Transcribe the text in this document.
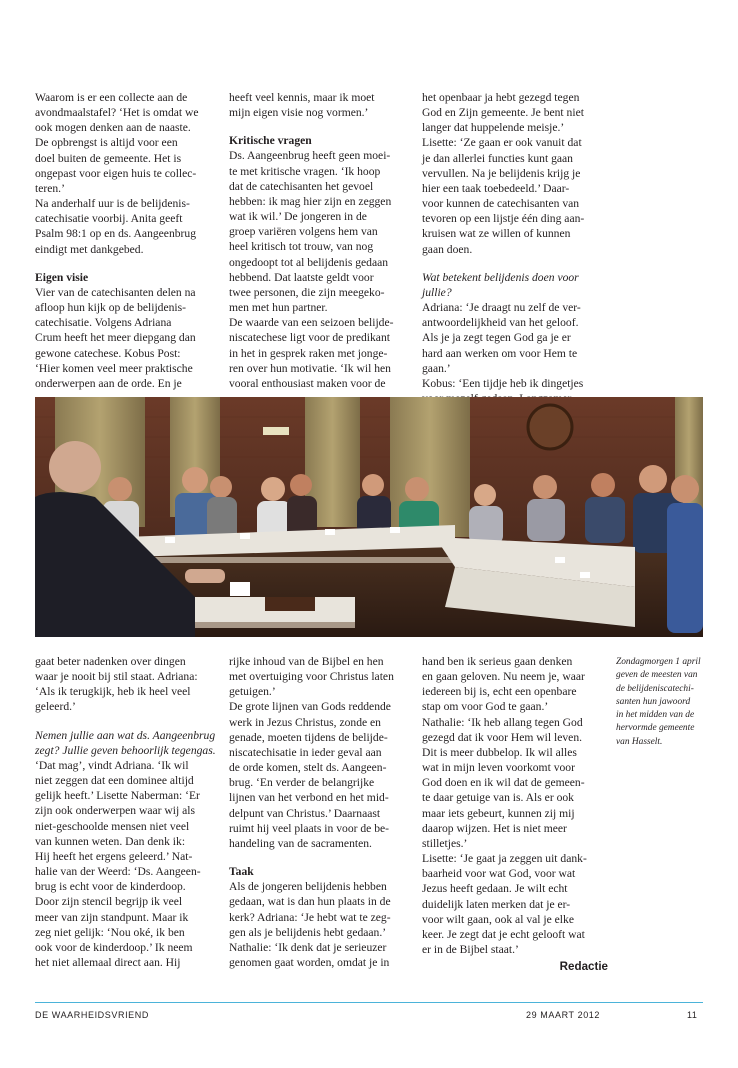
Waarom is er een collecte aan de
avondmaalstafel? ‘Het is omdat we
ook mogen denken aan de naaste.
De opbrengst is altijd voor een
doel buiten de gemeente. Het is
ongepast voor eigen huis te collec-
teren.’
Na anderhalf uur is de belijdenis-
catechisatie voorbij. Anita geeft
Psalm 98:1 op en ds. Aangeenbrug
eindigt met dankgebed.

Eigen visie

Vier van de catechisanten delen na
afloop hun kijk op de belijdenis-
catechisatie. Volgens Adriana
Crum heeft het meer diepgang dan
gewone catechese. Kobus Post:
‘Hier komen veel meer praktische
onderwerpen aan de orde. En je

heeft veel kennis, maar ik moet
mijn eigen visie nog vormen.’

Kritische vragen

Ds. Aangeenbrug heeft geen moei-
te met kritische vragen. ‘Ik hoop
dat de catechisanten het gevoel
hebben: ik mag hier zijn en zeggen
wat ik wil.’ De jongeren in de
groep variëren volgens hem van
heel kritisch tot trouw, van nog
ongedoopt tot al belijdenis gedaan
hebbend. Dat laatste geldt voor
twee personen, die zijn meegeko-
men met hun partner.
De waarde van een seizoen belijde-
niscatechese ligt voor de predikant
in het in gesprek raken met jonge-
ren over hun motivatie. ‘Ik wil hen
vooral enthousiast maken voor de

het openbaar ja hebt gezegd tegen
God en Zijn gemeente. Je bent niet
langer dat huppelende meisje.’
Lisette: ‘Ze gaan er ook vanuit dat
je dan allerlei functies kunt gaan
vervullen. Na je belijdenis krijg je
hier een taak toebedeeld.’ Daar-
voor kunnen de catechisanten van
tevoren op een lijstje één ding aan-
kruisen wat ze willen of kunnen
gaan doen.

Wat betekent belijdenis doen voor jullie?

Adriana: ‘Je draagt nu zelf de ver-
antwoordelijkheid van het geloof.
Als je ja zegt tegen God ga je er
hard aan werken om voor Hem te
gaan.’
Kobus: ‘Een tijdje heb ik dingetjes

gaat beter nadenken over dingen
waar je nooit bij stil staat. Adriana:
‘Als ik terugkijk, heb ik heel veel
geleerd.’

Nemen jullie aan wat ds. Aangeenbrug
zegt? Jullie geven behoorlijk tegengas.

‘Dat mag’, vindt Adriana. ‘Ik wil
niet zeggen dat een dominee altijd
gelijk heeft.’ Lisette Naberman: ‘Er
zijn ook onderwerpen waar wij als
niet-geschoolde mensen niet veel
van kunnen weten. Dan denk ik:
Hij heeft het ergens geleerd.’ Nat-
halie van der Weerd: ‘Ds. Aangeen-
brug is echt voor de kinderdoop.
Door zijn stencil begrijp ik veel
meer van zijn standpunt. Maar ik
zeg niet gelijk: ‘Nou oké, ik ben
ook voor de kinderdoop.’ Ik neem
het niet allemaal direct aan. Hij

rijke inhoud van de Bijbel en hen
met overtuiging voor Christus laten
getuigen.’
De grote lijnen van Gods reddende
werk in Jezus Christus, zonde en
genade, moeten tijdens de belijde-
niscatechisatie in ieder geval aan
de orde komen, stelt ds. Aangeen-
brug. ‘En verder de belangrijke
lijnen van het verbond en het mid-
delpunt van Christus.’ Daarnaast
ruimt hij veel plaats in voor de be-
handeling van de sacramenten.

Taak

Als de jongeren belijdenis hebben
gedaan, wat is dan hun plaats in de
kerk? Adriana: ‘Je hebt wat te zeg-
gen als je belijdenis hebt gedaan.’
Nathalie: ‘Ik denk dat je serieuzer
genomen gaat worden, omdat je in

hand ben ik serieus gaan denken
en gaan geloven. Nu neem je, waar
iedereen bij is, echt een openbare
stap om voor God te gaan.’
Nathalie: ‘Ik heb allang tegen God
gezegd dat ik voor Hem wil leven.
Dit is meer dubbelop. Ik wil alles
wat in mijn leven voorkomt voor
God doen en ik wil dat de gemeen-
te daar getuige van is. Als er ook
maar iets gebeurt, kunnen zij mij
daarop wijzen. Het is niet meer
stilletjes.’
Lisette: ‘Je gaat ja zeggen uit dank-
baarheid voor wat God, voor wat
Jezus heeft gedaan. Je wilt echt
duidelijk laten merken dat je er-
voor wilt gaan, ook al val je elke
keer. Je zegt dat je echt gelooft wat
er in de Bijbel staat.’

Redactie

Zondagmorgen 1 april
geven de meesten van
de belijdeniscatechi-
santen hun jawoord
in het midden van de
hervormde gemeente
van Hasselt.
DE WAARHEIDSVRIEND	29 MAART 2012	11
